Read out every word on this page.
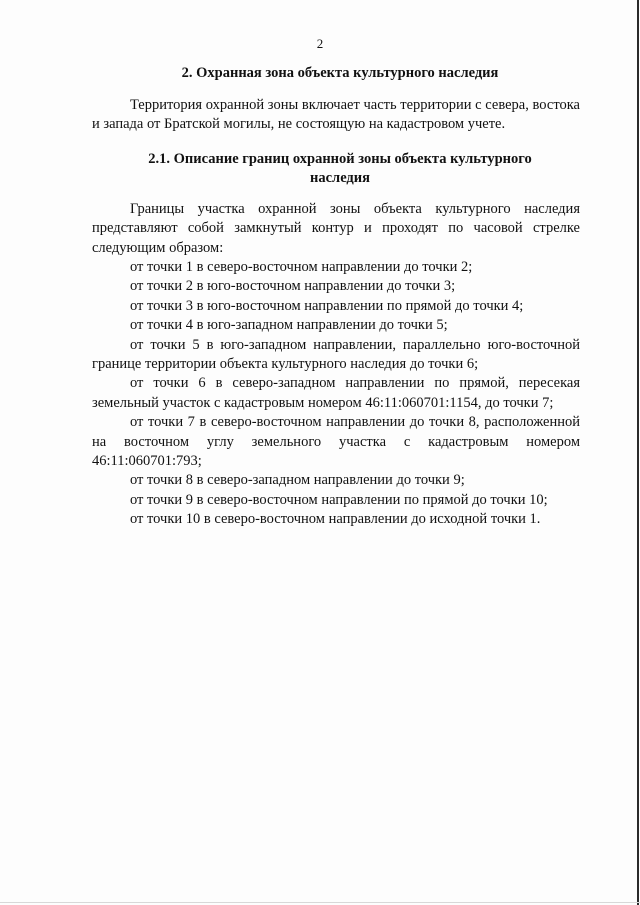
2
2. Охранная зона объекта культурного наследия

Территория охранной зоны включает часть территории с севера, востока и запада от Братской могилы, не состоящую на кадастровом учете.

2.1. Описание границ охранной зоны объекта культурного
наследия

Границы участка охранной зоны объекта культурного наследия представляют собой замкнутый контур и проходят по часовой стрелке следующим образом:

от точки 1 в северо-восточном направлении до точки 2;
от точки 2 в юго-восточном направлении до точки 3;
от точки 3 в юго-восточном направлении по прямой до точки 4;
от точки 4 в юго-западном направлении до точки 5;
от точки 5 в юго-западном направлении, параллельно юго-восточной границе территории объекта культурного наследия до точки 6;
от точки 6 в северо-западном направлении по прямой, пересекая земельный участок с кадастровым номером 46:11:060701:1154, до точки 7;
от точки 7 в северо-восточном направлении до точки 8, расположенной на восточном углу земельного участка с кадастровым номером 46:11:060701:793;
от точки 8 в северо-западном направлении до точки 9;
от точки 9 в северо-восточном направлении по прямой до точки 10;
от точки 10 в северо-восточном направлении до исходной точки 1.
